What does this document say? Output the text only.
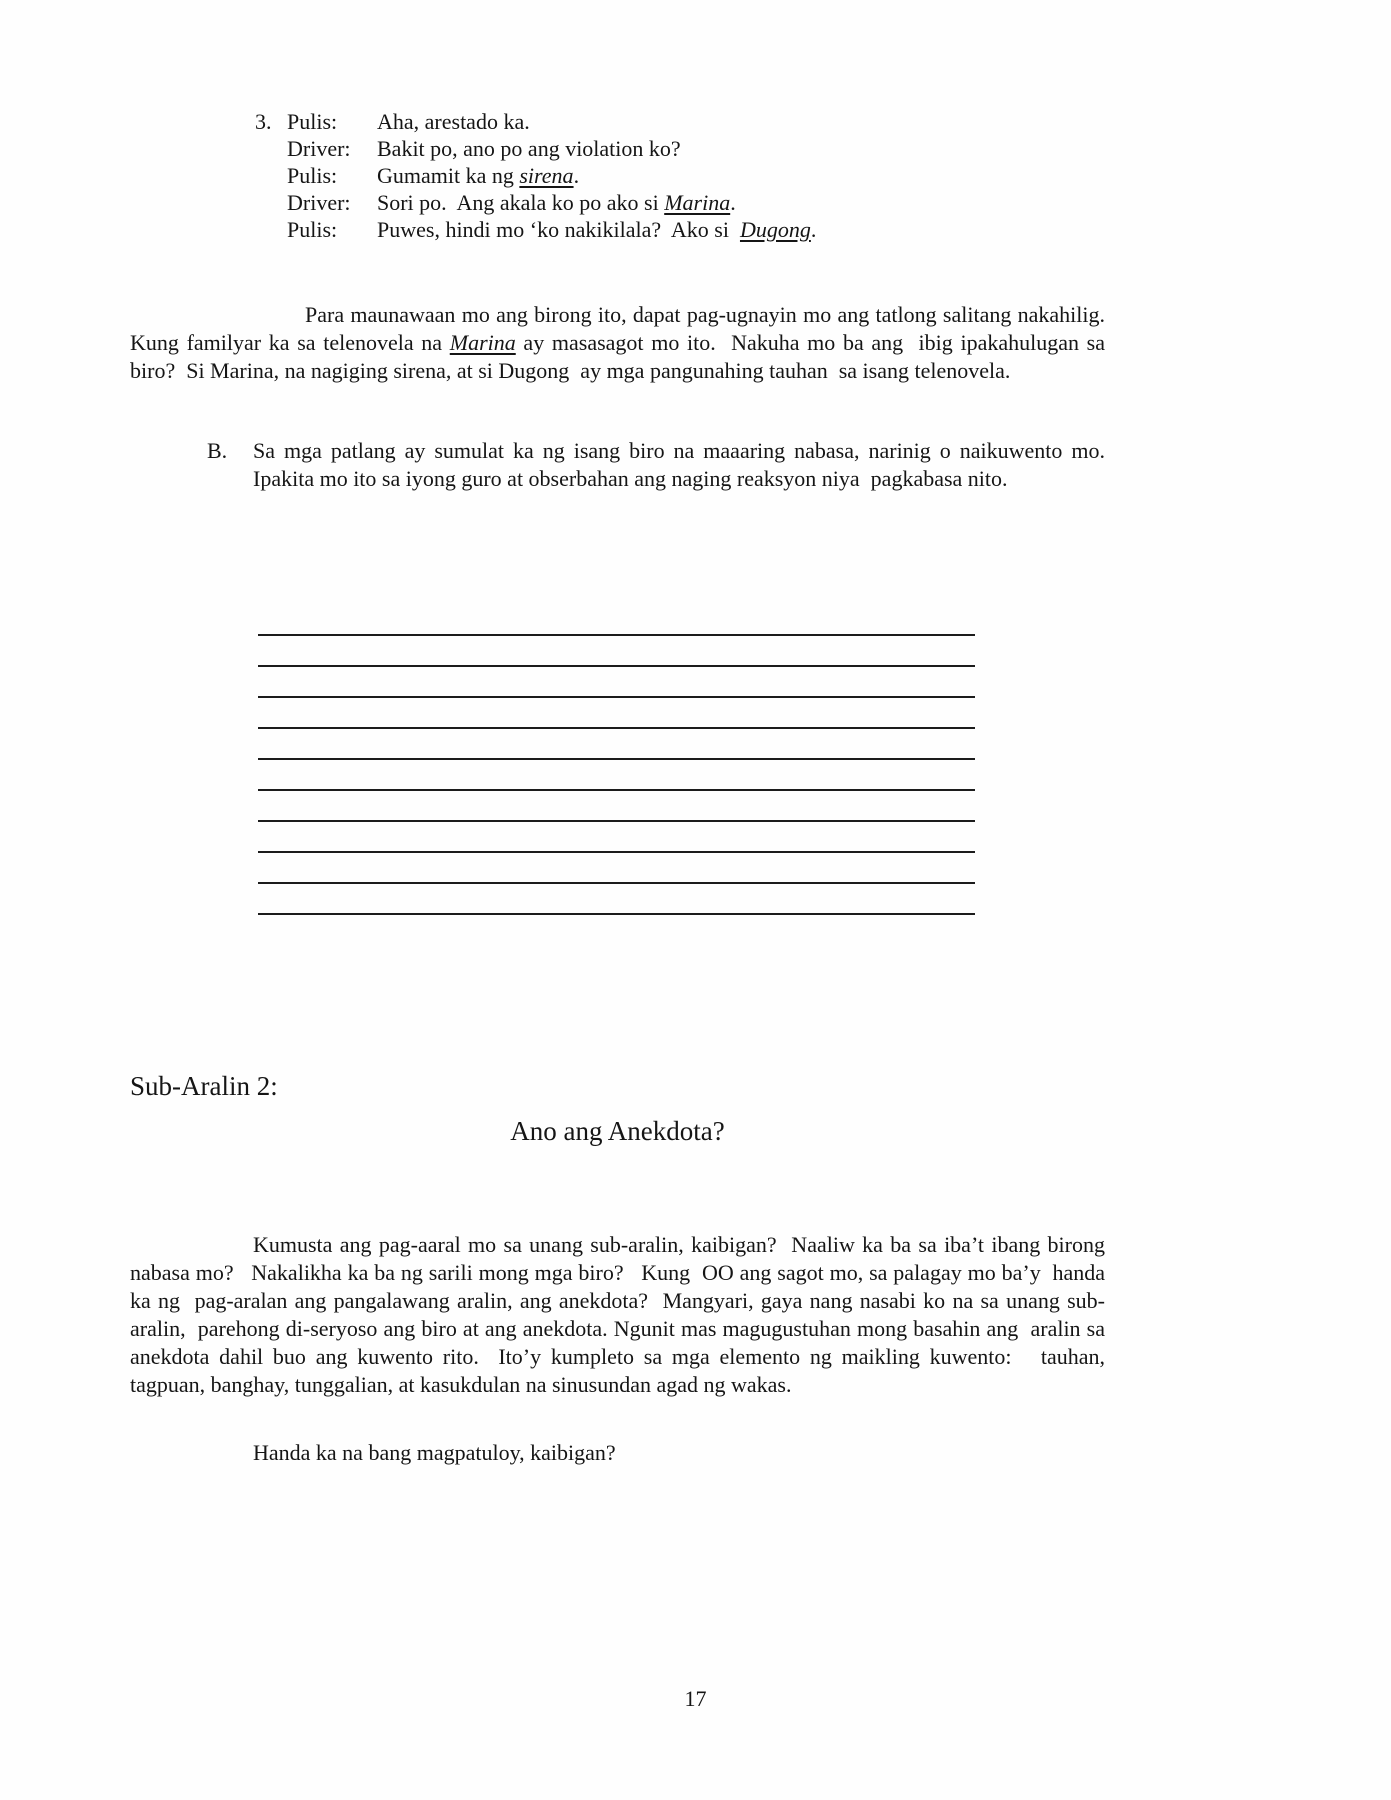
3. Pulis:	Aha, arestado ka.
Driver:	Bakit po, ano po ang violation ko?
Pulis:	Gumamit ka ng sirena.
Driver:	Sori po.  Ang akala ko po ako si Marina.
Pulis:	Puwes, hindi mo ‘ko nakikilala?  Ako si  Dugong.

Para maunawaan mo ang birong ito, dapat pag-ugnayin mo ang tatlong salitang nakahilig.  Kung familyar ka sa telenovela na Marina ay masasagot mo ito.  Nakuha mo ba ang  ibig ipakahulugan sa biro?  Si Marina, na nagiging sirena, at si Dugong  ay mga pangunahing tauhan  sa isang telenovela.

B.	Sa mga patlang ay sumulat ka ng isang biro na maaaring nabasa, narinig o naikuwento mo.  Ipakita mo ito sa iyong guro at obserbahan ang naging reaksyon niya  pagkabasa nito.
Sub-Aralin 2:
Ano ang Anekdota?

Kumusta ang pag-aaral mo sa unang sub-aralin, kaibigan?  Naaliw ka ba sa iba’t ibang birong nabasa mo?   Nakalikha ka ba ng sarili mong mga biro?   Kung  OO ang sagot mo, sa palagay mo ba’y  handa ka ng  pag-aralan ang pangalawang aralin, ang anekdota?  Mangyari, gaya nang nasabi ko na sa unang sub-aralin,  parehong di-seryoso ang biro at ang anekdota. Ngunit mas magugustuhan mong basahin ang  aralin sa anekdota dahil buo ang kuwento rito.  Ito’y kumpleto sa mga elemento ng maikling kuwento:   tauhan, tagpuan, banghay, tunggalian, at kasukdulan na sinusundan agad ng wakas.

Handa ka na bang magpatuloy, kaibigan?
17
